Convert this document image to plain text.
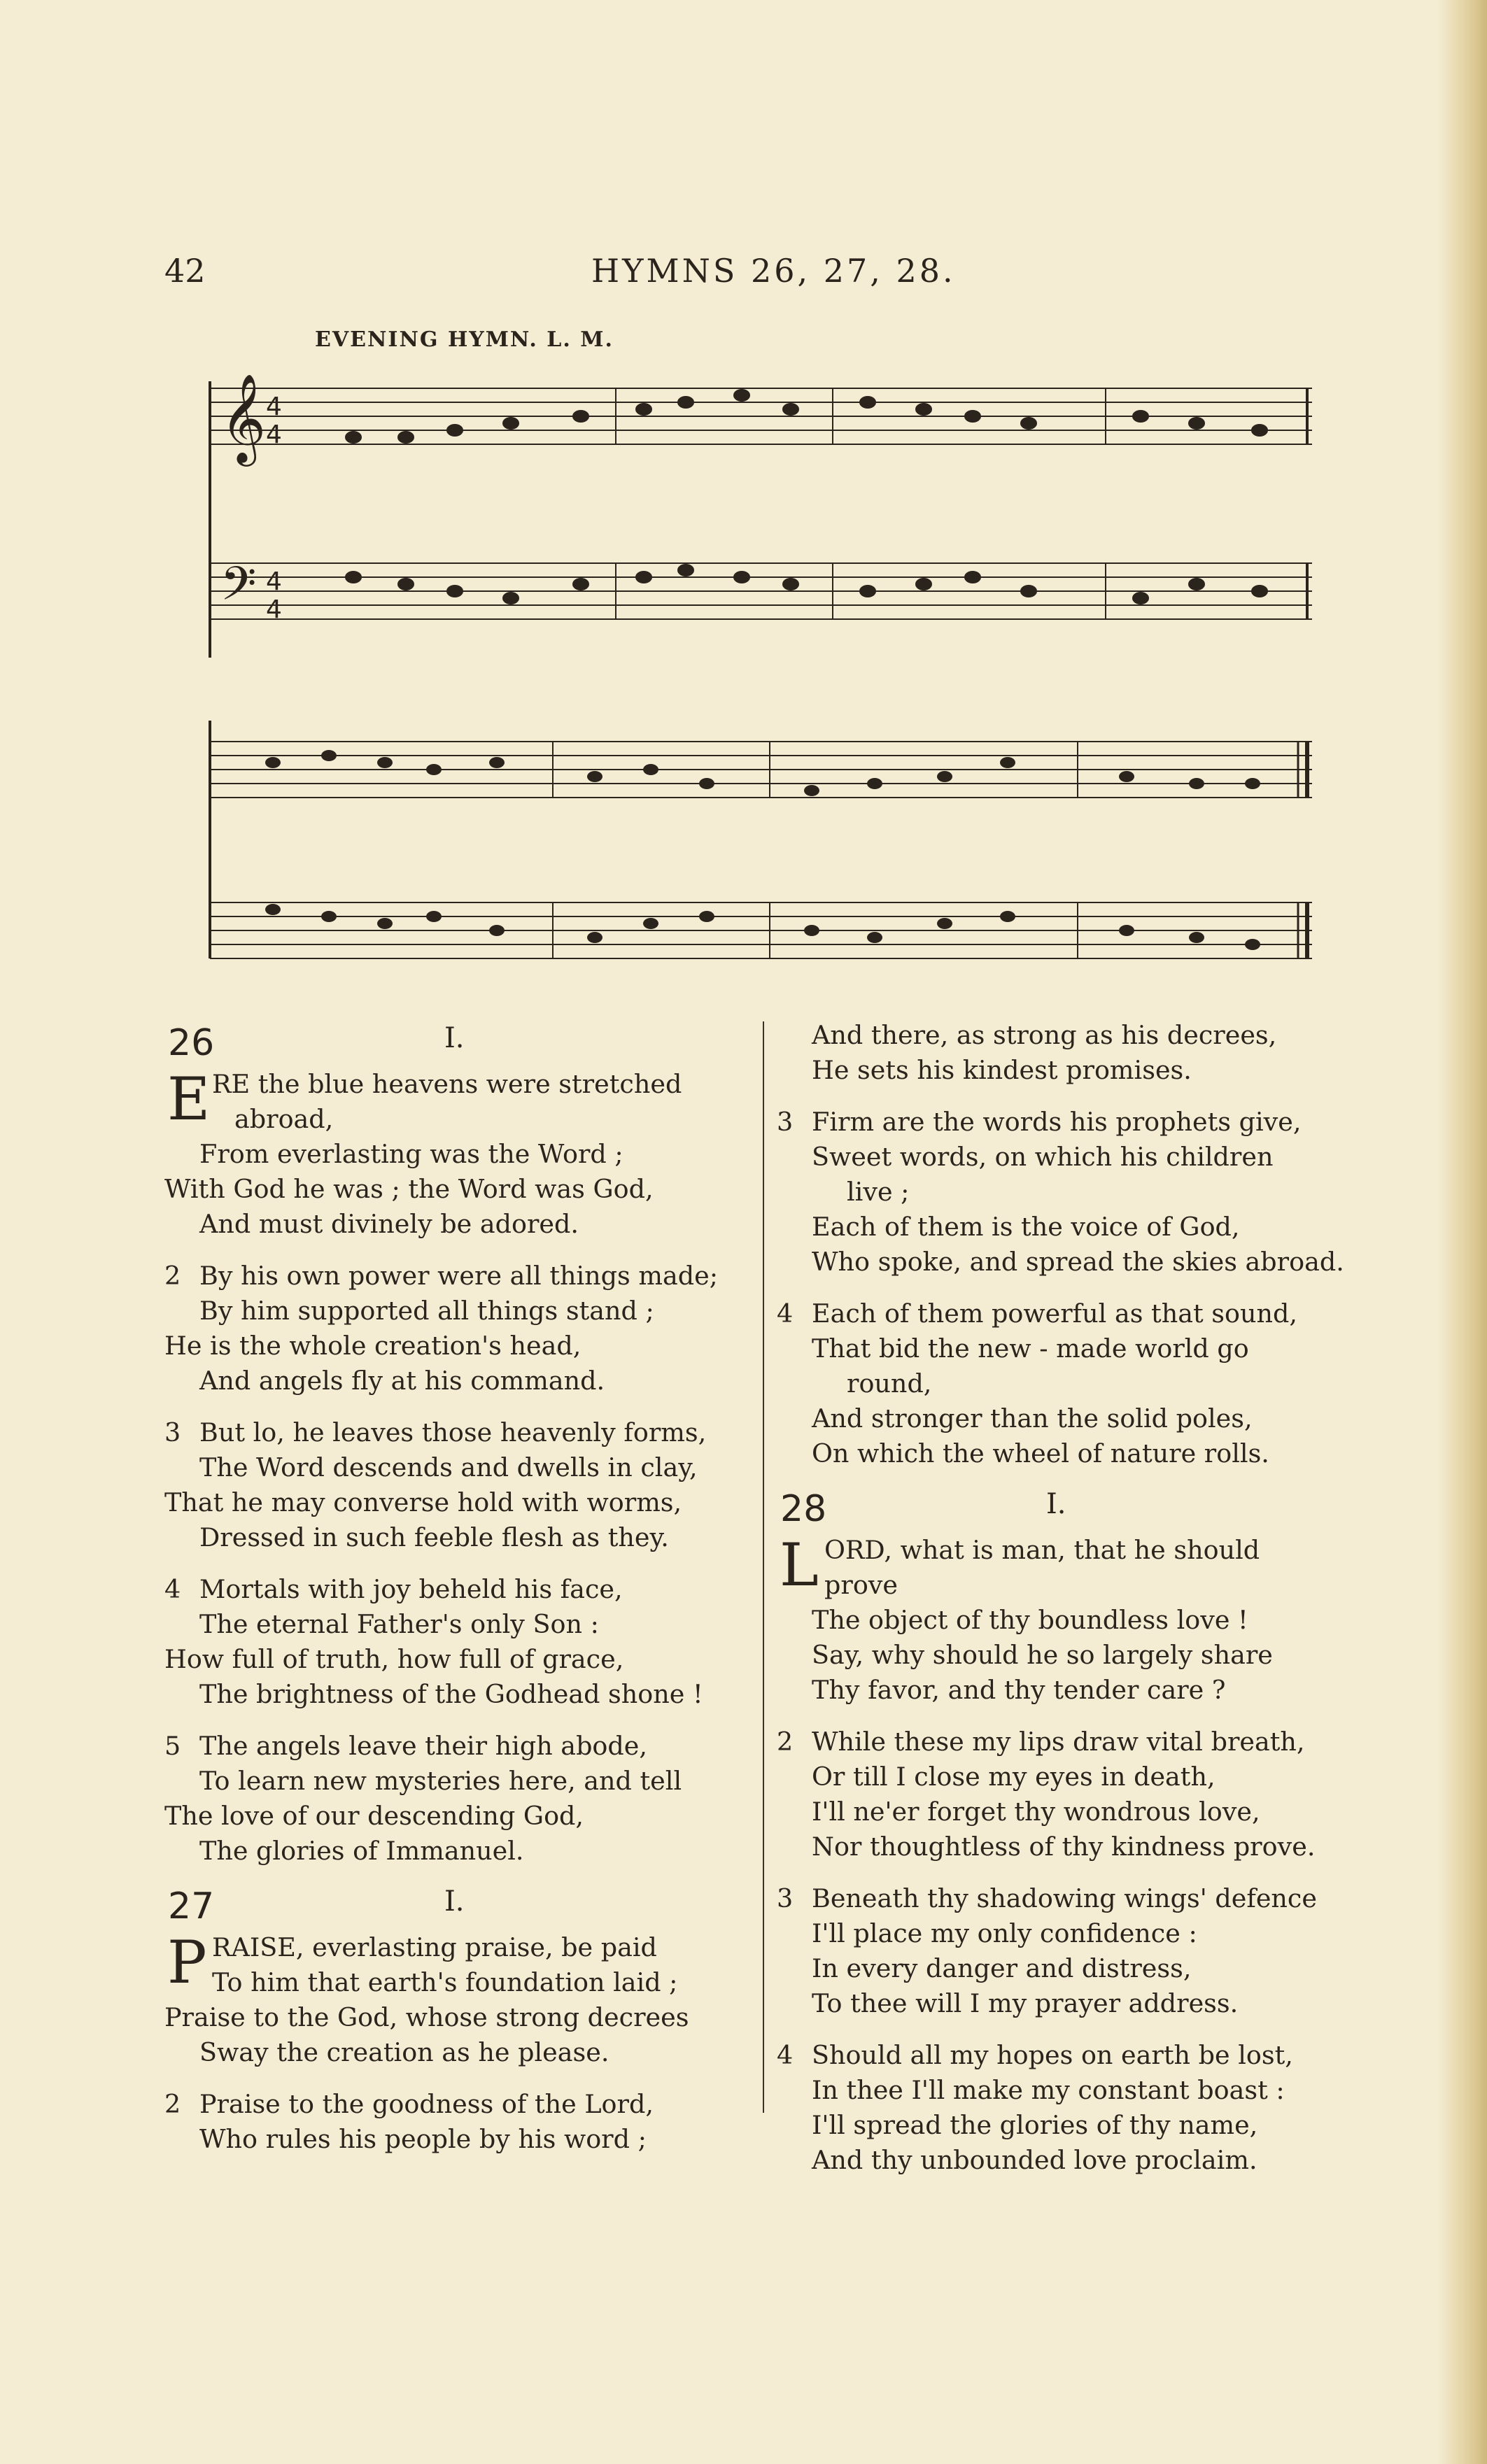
42	HYMNS 26, 27, 28.
EVENING HYMN. L. M.
𝄞
𝄢
4
4
4
4
26	I.
E RE the blue heavens were stretched
abroad,
From everlasting was the Word ;
With God he was ; the Word was God,
And must divinely be adored.
2 By his own power were all things made;
By him supported all things stand ;
He is the whole creation's head,
And angels fly at his command.
3 But lo, he leaves those heavenly forms,
The Word descends and dwells in clay,
That he may converse hold with worms,
Dressed in such feeble flesh as they.
4 Mortals with joy beheld his face,
The eternal Father's only Son :
How full of truth, how full of grace,
The brightness of the Godhead shone !
5 The angels leave their high abode,
To learn new mysteries here, and tell
The love of our descending God,
The glories of Immanuel.
27	I.
P RAISE, everlasting praise, be paid
To him that earth's foundation laid ;
Praise to the God, whose strong decrees
Sway the creation as he please.
2 Praise to the goodness of the Lord,
Who rules his people by his word ;
And there, as strong as his decrees,
He sets his kindest promises.
3 Firm are the words his prophets give,
Sweet words, on which his children
live ;
Each of them is the voice of God,
Who spoke, and spread the skies abroad.
4 Each of them powerful as that sound,
That bid the new - made world go
round,
And stronger than the solid poles,
On which the wheel of nature rolls.
28	I.
L ORD, what is man, that he should
prove
The object of thy boundless love !
Say, why should he so largely share
Thy favor, and thy tender care ?
2 While these my lips draw vital breath,
Or till I close my eyes in death,
I'll ne'er forget thy wondrous love,
Nor thoughtless of thy kindness prove.
3 Beneath thy shadowing wings' defence
I'll place my only confidence :
In every danger and distress,
To thee will I my prayer address.
4 Should all my hopes on earth be lost,
In thee I'll make my constant boast :
I'll spread the glories of thy name,
And thy unbounded love proclaim.
